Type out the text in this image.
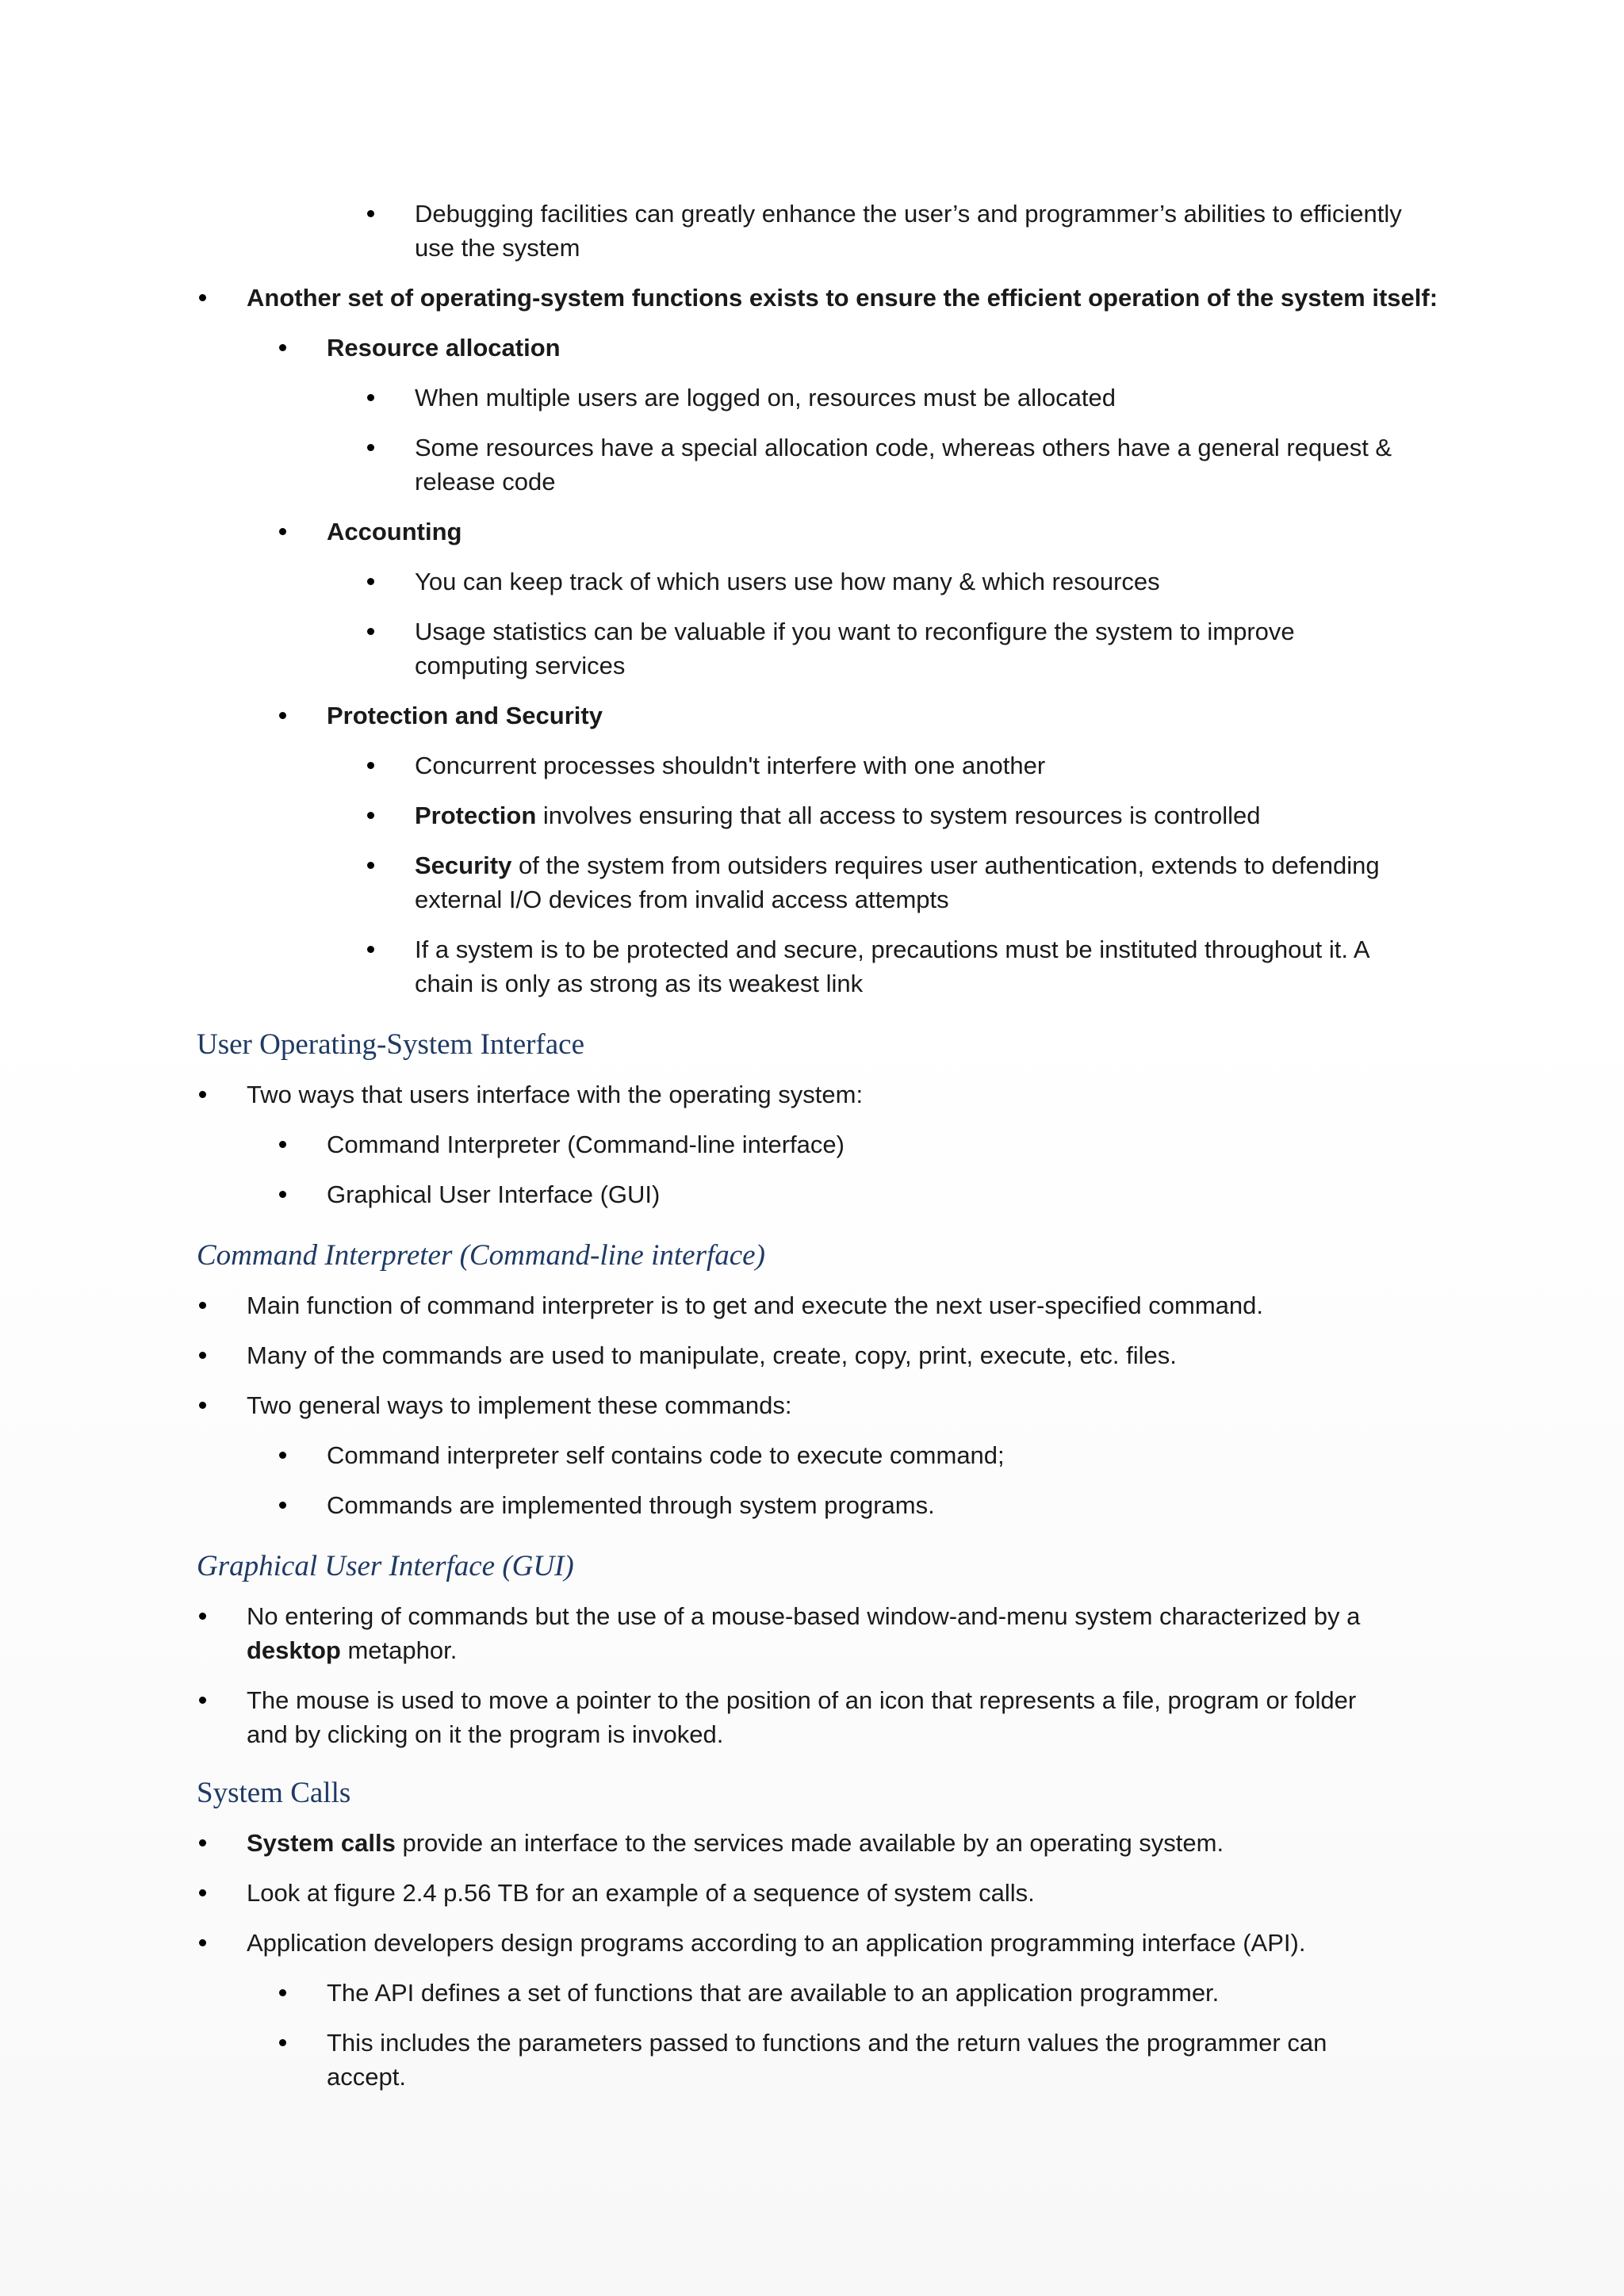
Debugging facilities can greatly enhance the user’s and programmer’s abilities to efficiently
use the system
Another set of operating-system functions exists to ensure the efficient operation of the system itself:
Resource allocation
When multiple users are logged on, resources must be allocated
Some resources have a special allocation code, whereas others have a general request &
release code
Accounting
You can keep track of which users use how many & which resources
Usage statistics can be valuable if you want to reconfigure the system to improve
computing services
Protection and Security
Concurrent processes shouldn't interfere with one another
Protection involves ensuring that all access to system resources is controlled
Security of the system from outsiders requires user authentication, extends to defending
external I/O devices from invalid access attempts
If a system is to be protected and secure, precautions must be instituted throughout it. A
chain is only as strong as its weakest link
User Operating-System Interface
Two ways that users interface with the operating system:
Command Interpreter (Command-line interface)
Graphical User Interface (GUI)
Command Interpreter (Command-line interface)
Main function of command interpreter is to get and execute the next user-specified command.
Many of the commands are used to manipulate, create, copy, print, execute, etc. files.
Two general ways to implement these commands:
Command interpreter self contains code to execute command;
Commands are implemented through system programs.
Graphical User Interface (GUI)
No entering of commands but the use of a mouse-based window-and-menu system characterized by a
desktop metaphor.
The mouse is used to move a pointer to the position of an icon that represents a file, program or folder
and by clicking on it the program is invoked.
System Calls
System calls provide an interface to the services made available by an operating system.
Look at figure 2.4 p.56 TB for an example of a sequence of system calls.
Application developers design programs according to an application programming interface (API).
The API defines a set of functions that are available to an application programmer.
This includes the parameters passed to functions and the return values the programmer can
accept.
